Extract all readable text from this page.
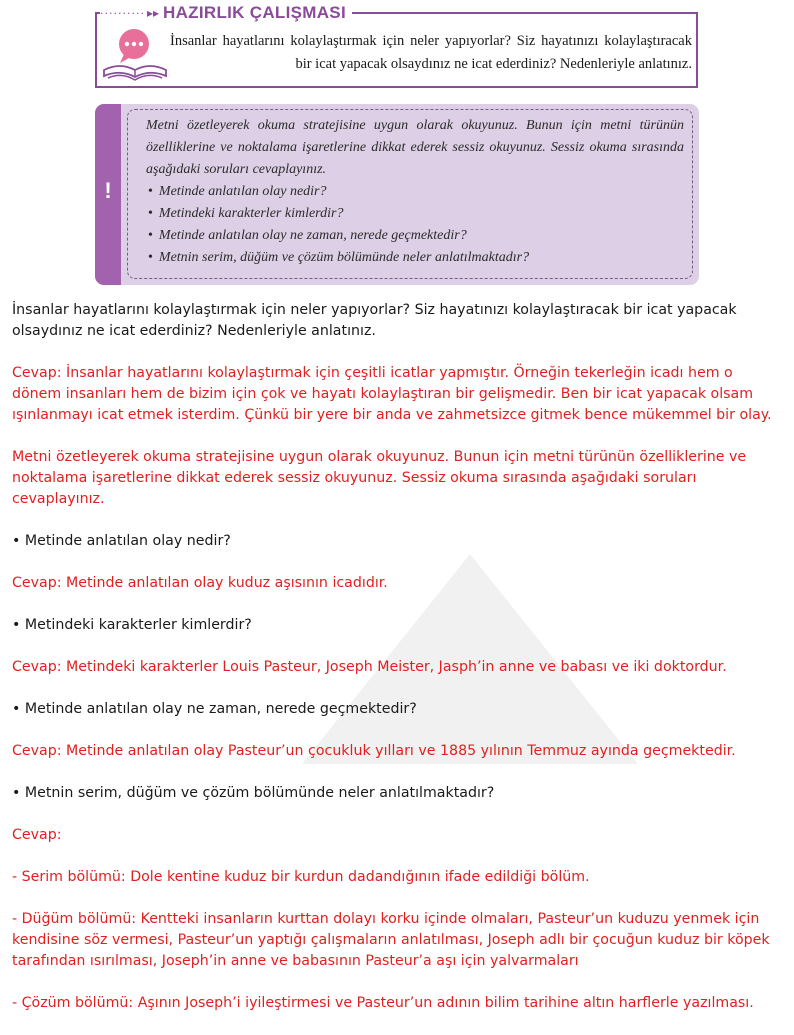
·········· ▸▸ HAZIRLIK ÇALIŞMASI
İnsanlar hayatlarını kolaylaştırmak için neler yapıyorlar? Siz hayatınızı kolaylaştıracak bir icat yapacak olsaydınız ne icat ederdiniz? Nedenleriyle anlatınız.
!
Metni özetleyerek okuma stratejisine uygun olarak okuyunuz. Bunun için metni türünün özelliklerine ve noktalama işaretlerine dikkat ederek sessiz okuyunuz. Sessiz okuma sırasında aşağıdaki soruları cevaplayınız.
• Metinde anlatılan olay nedir?
• Metindeki karakterler kimlerdir?
• Metinde anlatılan olay ne zaman, nerede geçmektedir?
• Metnin serim, düğüm ve çözüm bölümünde neler anlatılmaktadır?

İnsanlar hayatlarını kolaylaştırmak için neler yapıyorlar? Siz hayatınızı kolaylaştıracak bir icat yapacak olsaydınız ne icat ederdiniz? Nedenleriyle anlatınız.

Cevap: İnsanlar hayatlarını kolaylaştırmak için çeşitli icatlar yapmıştır. Örneğin tekerleğin icadı hem o dönem insanları hem de bizim için çok ve hayatı kolaylaştıran bir gelişmedir. Ben bir icat yapacak olsam ışınlanmayı icat etmek isterdim. Çünkü bir yere bir anda ve zahmetsizce gitmek bence mükemmel bir olay.

Metni özetleyerek okuma stratejisine uygun olarak okuyunuz. Bunun için metni türünün özelliklerine ve noktalama işaretlerine dikkat ederek sessiz okuyunuz. Sessiz okuma sırasında aşağıdaki soruları cevaplayınız.

• Metinde anlatılan olay nedir?

Cevap: Metinde anlatılan olay kuduz aşısının icadıdır.

• Metindeki karakterler kimlerdir?

Cevap: Metindeki karakterler Louis Pasteur, Joseph Meister, Jasph’in anne ve babası ve iki doktordur.

• Metinde anlatılan olay ne zaman, nerede geçmektedir?

Cevap: Metinde anlatılan olay Pasteur’un çocukluk yılları ve 1885 yılının Temmuz ayında geçmektedir.

• Metnin serim, düğüm ve çözüm bölümünde neler anlatılmaktadır?

Cevap:

- Serim bölümü: Dole kentine kuduz bir kurdun dadandığının ifade edildiği bölüm.

- Düğüm bölümü: Kentteki insanların kurttan dolayı korku içinde olmaları, Pasteur’un kuduzu yenmek için kendisine söz vermesi, Pasteur’un yaptığı çalışmaların anlatılması, Joseph adlı bir çocuğun kuduz bir köpek tarafından ısırılması, Joseph’in anne ve babasının Pasteur’a aşı için yalvarmaları

- Çözüm bölümü: Aşının Joseph’i iyileştirmesi ve Pasteur’un adının bilim tarihine altın harflerle yazılması.
